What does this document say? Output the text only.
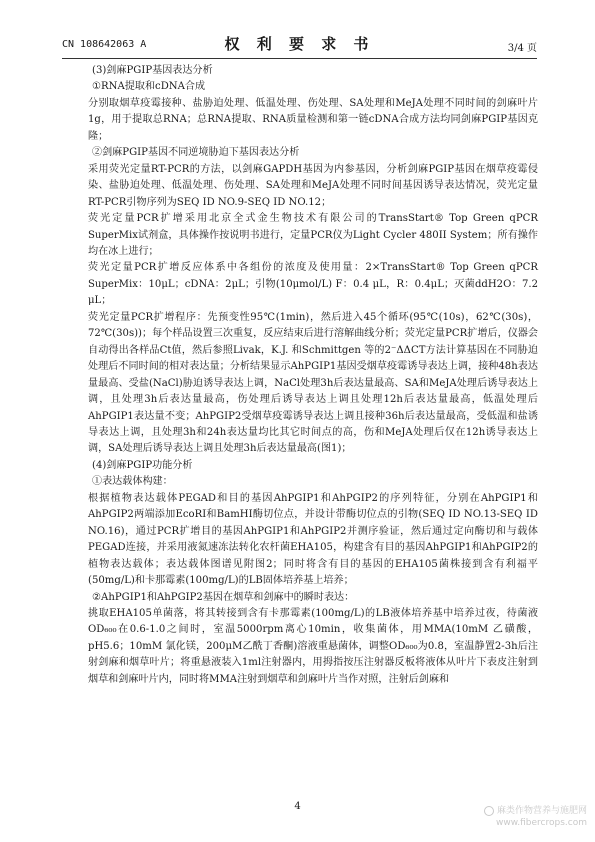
CN 108642063 A	权 利 要 求 书	3/4 页

(3)剑麻PGIP基因表达分析

①RNA提取和cDNA合成

分别取烟草疫霉接种、盐胁迫处理、低温处理、伤处理、SA处理和MeJA处理不同时间的剑麻叶片1g，用于提取总RNA；总RNA提取、RNA质量检测和第一链cDNA合成方法均同剑麻PGIP基因克隆；

②剑麻PGIP基因不同逆境胁迫下基因表达分析

采用荧光定量RT-PCR的方法，以剑麻GAPDH基因为内参基因，分析剑麻PGIP基因在烟草疫霉侵染、盐胁迫处理、低温处理、伤处理、SA处理和MeJA处理不同时间基因诱导表达情况，荧光定量RT-PCR引物序列为SEQ ID NO.9-SEQ ID NO.12；

荧光定量PCR扩增采用北京全式金生物技术有限公司的TransStart® Top Green qPCR SuperMix试剂盒，具体操作按说明书进行，定量PCR仪为Light Cycler 480II System；所有操作均在冰上进行；

荧光定量PCR扩增反应体系中各组份的浓度及使用量：2×TransStart® Top Green qPCR SuperMix：10μL；cDNA：2μL；引物(10μmol/L) F：0.4 μL，R：0.4μL；灭菌ddH2O：7.2 μL；

荧光定量PCR扩增程序：先预变性95℃(1min)，然后进入45个循环(95℃(10s)，62℃(30s)，72℃(30s))；每个样品设置三次重复，反应结束后进行溶解曲线分析；荧光定量PCR扩增后，仪器会自动得出各样品Ct值，然后参照Livak，K.J. 和Schmittgen 等的2⁻ΔΔCT方法计算基因在不同胁迫处理后不同时间的相对表达量；分析结果显示AhPGIP1基因受烟草疫霉诱导表达上调，接种48h表达量最高、受盐(NaCl)胁迫诱导表达上调，NaCl处理3h后表达量最高、SA和MeJA处理后诱导表达上调，且处理3h后表达量最高，伤处理后诱导表达上调且处理12h后表达量最高，低温处理后AhPGIP1表达量不变；AhPGIP2受烟草疫霉诱导表达上调且接种36h后表达量最高，受低温和盐诱导表达上调，且处理3h和24h表达量均比其它时间点的高，伤和MeJA处理后仅在12h诱导表达上调，SA处理后诱导表达上调且处理3h后表达量最高(图1)；

(4)剑麻PGIP功能分析

①表达载体构建：

根据植物表达载体PEGAD和目的基因AhPGIP1和AhPGIP2的序列特征，分别在AhPGIP1和AhPGIP2两端添加EcoRI和BamHI酶切位点，并设计带酶切位点的引物(SEQ ID NO.13-SEQ ID NO.16)，通过PCR扩增目的基因AhPGIP1和AhPGIP2并测序验证，然后通过定向酶切和与载体PEGAD连接，并采用液氮速冻法转化农杆菌EHA105，构建含有目的基因AhPGIP1和AhPGIP2的植物表达载体；表达载体图谱见附图2；同时将含有目的基因的EHA105菌株接到含有利福平(50mg/L)和卡那霉素(100mg/L)的LB固体培养基上培养；

②AhPGIP1和AhPGIP2基因在烟草和剑麻中的瞬时表达：

挑取EHA105单菌落，将其转接到含有卡那霉素(100mg/L)的LB液体培养基中培养过夜，待菌液OD₆₀₀在0.6-1.0之间时，室温5000rpm离心10min，收集菌体，用MMA(10mM 乙磺酸，pH5.6；10mM 氯化镁，200μM乙酰丁香酮)溶液重悬菌体，调整OD₆₀₀为0.8，室温静置2-3h后注射剑麻和烟草叶片；将重悬液装入1ml注射器内，用拇指按压注射器反板将液体从叶片下表皮注射到烟草和剑麻叶片内，同时将MMA注射到烟草和剑麻叶片当作对照，注射后剑麻和

4	麻类作物营养与施肥网
www.fibercrops.com
